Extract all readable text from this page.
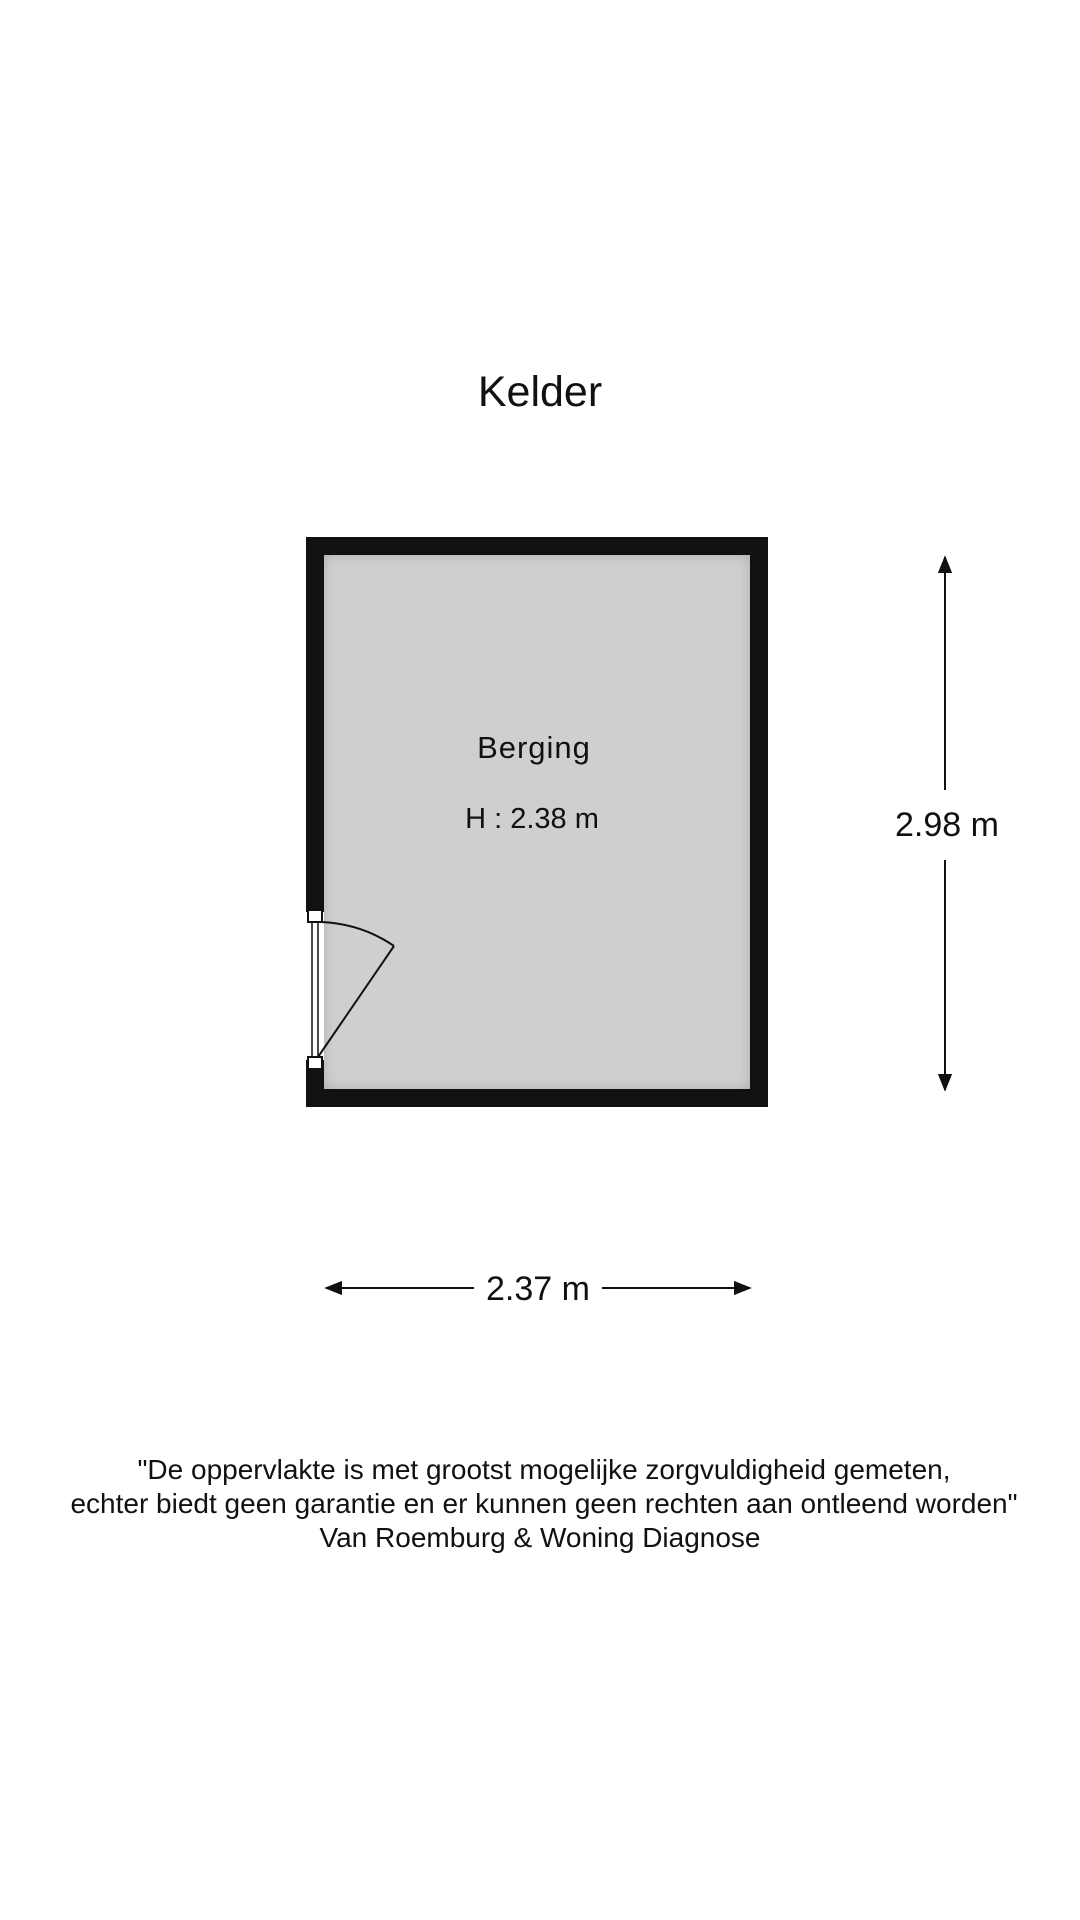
Kelder
Berging
H : 2.38 m	2.98 m
2.37 m
"De oppervlakte is met grootst mogelijke zorgvuldigheid gemeten,
echter biedt geen garantie en er kunnen geen rechten aan ontleend worden"
Van Roemburg & Woning Diagnose
